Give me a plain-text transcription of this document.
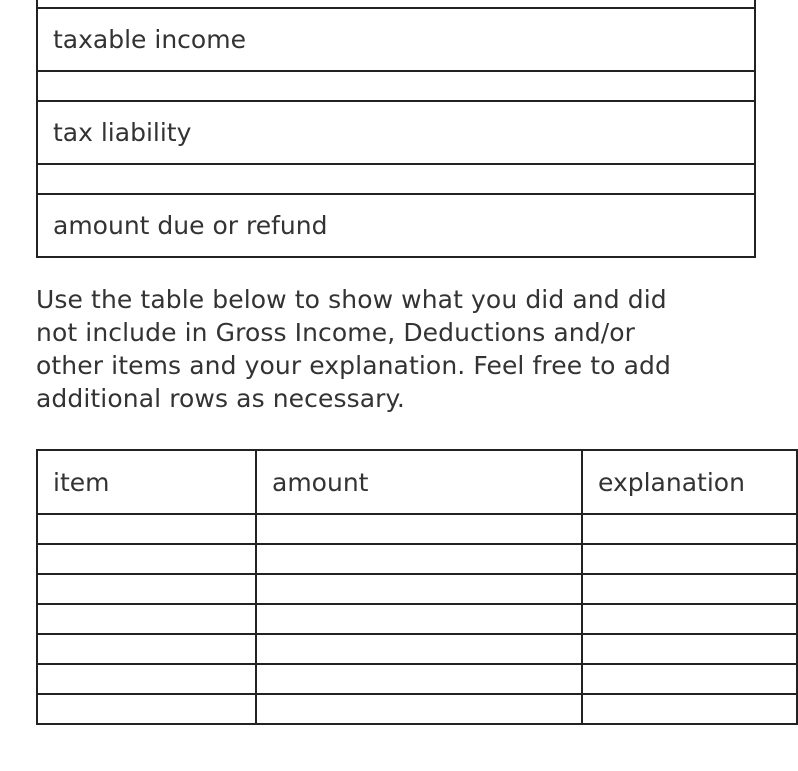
taxable income

tax liability

amount due or refund

Use the table below to show what you did and did not include in Gross Income, Deductions and/or other items and your explanation. Feel free to add additional rows as necessary.

item	amount	explanation
